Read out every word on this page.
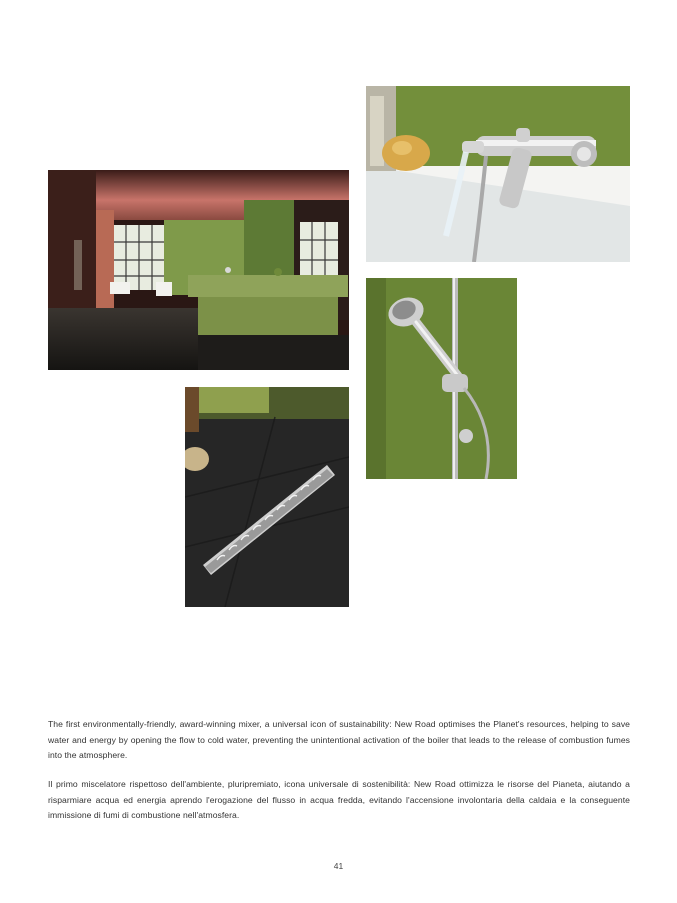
The first environmentally-friendly, award-winning mixer, a universal icon of sustainability: New Road optimises the Planet's resources, helping to save water and energy by opening the flow to cold water, preventing the unintentional activation of the boiler that leads to the release of combustion fumes into the atmosphere.

Il primo miscelatore rispettoso dell'ambiente, pluripremiato, icona universale di sostenibilità: New Road ottimizza le risorse del Pianeta, aiutando a risparmiare acqua ed energia aprendo l'erogazione del flusso in acqua fredda, evitando l'accensione involontaria della caldaia e la conseguente immissione di fumi di combustione nell'atmosfera.

41
